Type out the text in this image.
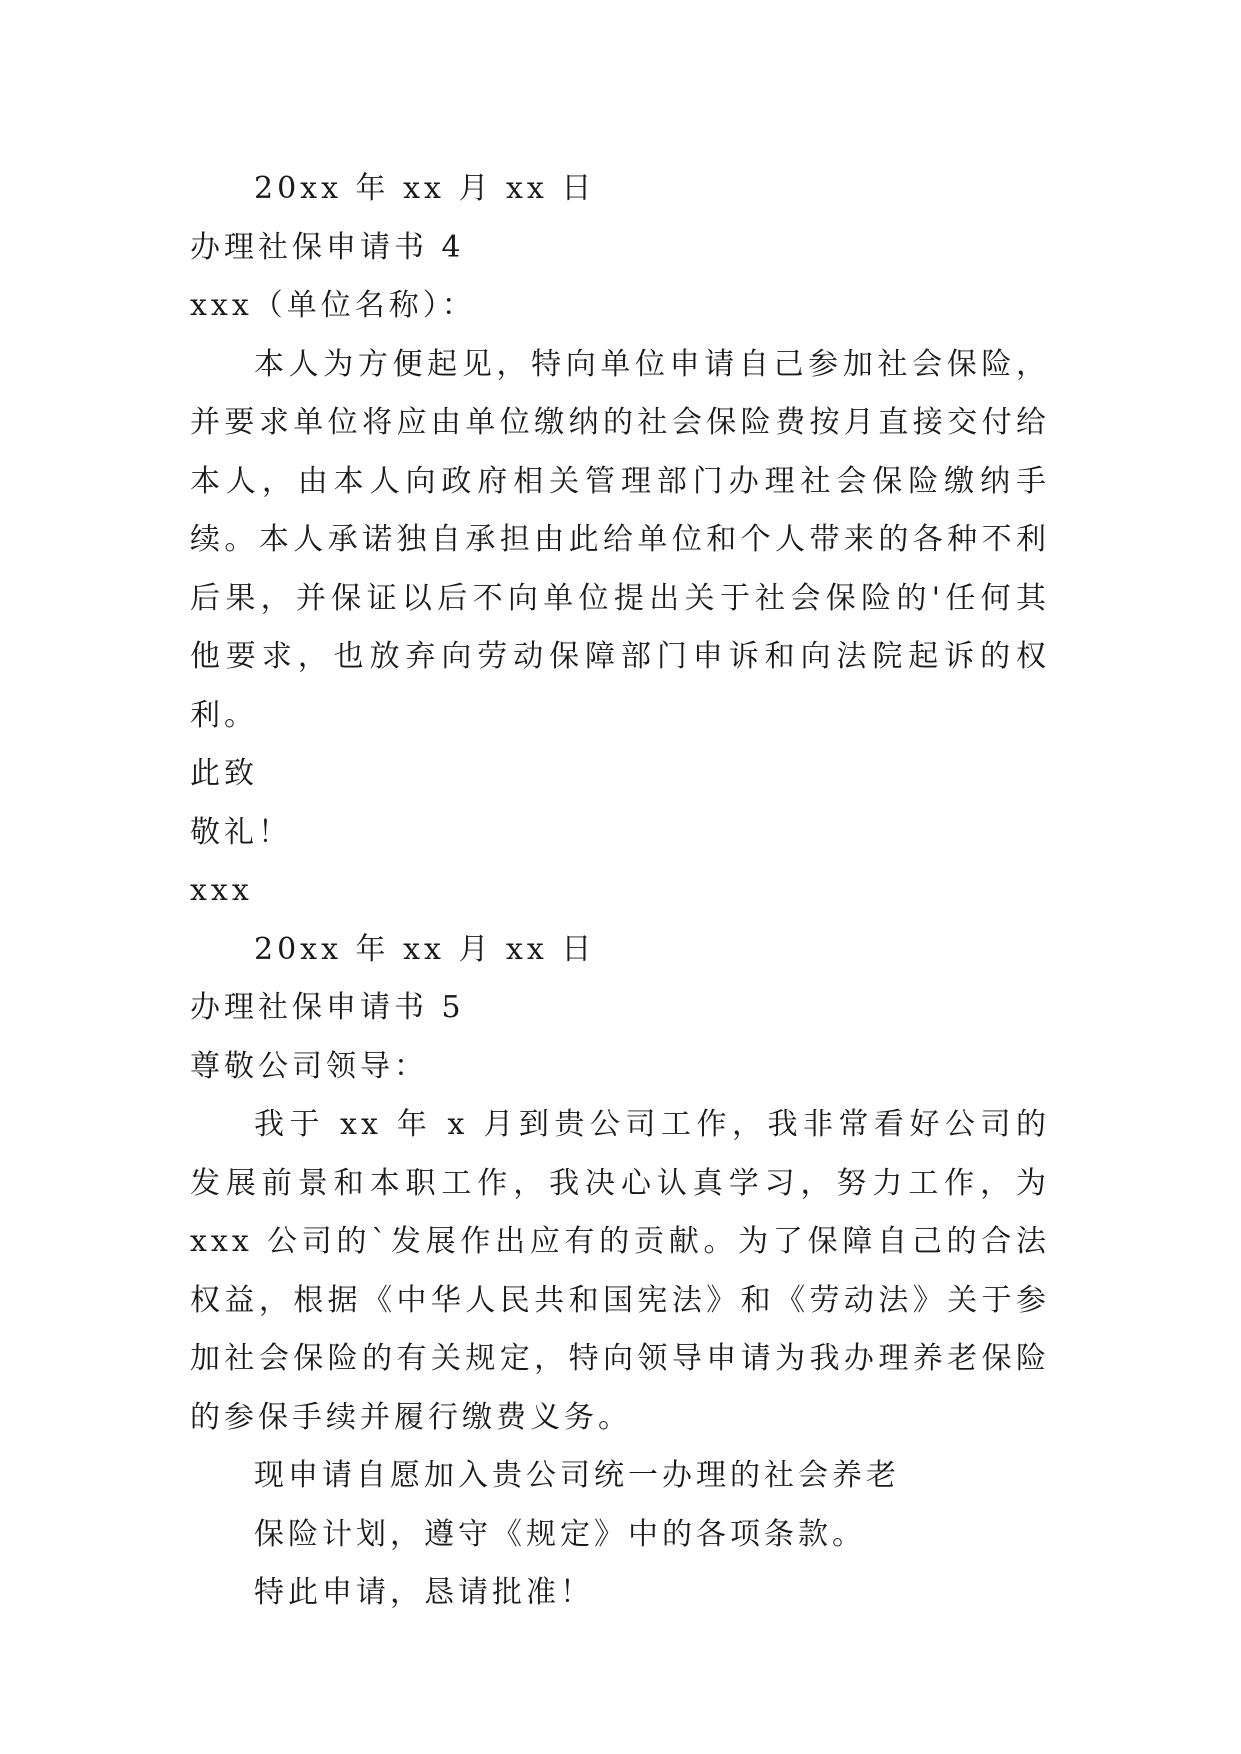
20xx 年 xx 月 xx 日
办理社保申请书 4
xxx（单位名称）：

本人为方便起见，特向单位申请自己参加社会保险，并要求单位将应由单位缴纳的社会保险费按月直接交付给本人，由本人向政府相关管理部门办理社会保险缴纳手续。本人承诺独自承担由此给单位和个人带来的各种不利后果，并保证以后不向单位提出关于社会保险的'任何其他要求，也放弃向劳动保障部门申诉和向法院起诉的权利。

此致
敬礼！
xxx
20xx 年 xx 月 xx 日
办理社保申请书 5
尊敬公司领导：

我于 xx 年 x 月到贵公司工作，我非常看好公司的发展前景和本职工作，我决心认真学习，努力工作，为 xxx 公司的`发展作出应有的贡献。为了保障自己的合法权益，根据《中华人民共和国宪法》和《劳动法》关于参加社会保险的有关规定，特向领导申请为我办理养老保险的参保手续并履行缴费义务。

现申请自愿加入贵公司统一办理的社会养老
保险计划，遵守《规定》中的各项条款。
特此申请，恳请批准！
